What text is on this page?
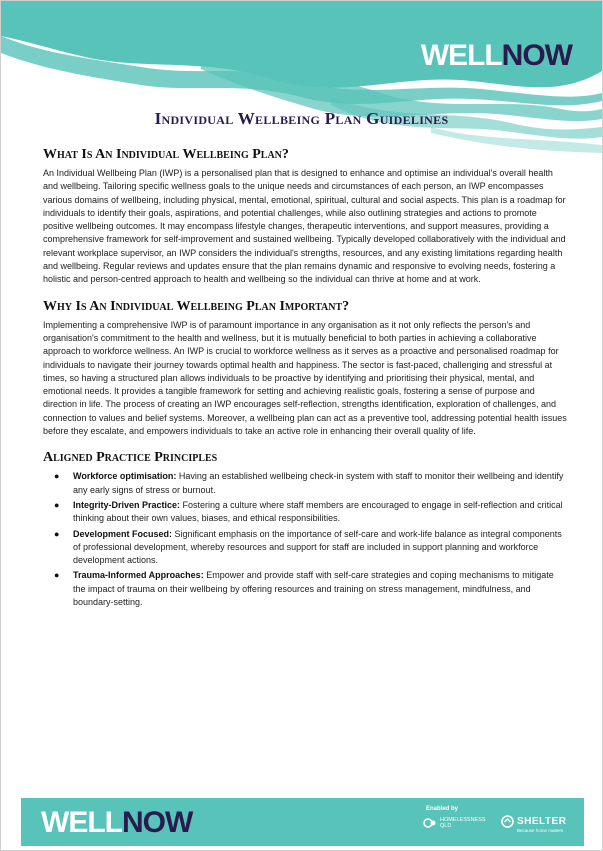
WELLNOW
Individual Wellbeing Plan Guidelines
What Is An Individual Wellbeing Plan?

An Individual Wellbeing Plan (IWP) is a personalised plan that is designed to enhance and optimise an individual's overall health and wellbeing. Tailoring specific wellness goals to the unique needs and circumstances of each person, an IWP encompasses various domains of wellbeing, including physical, mental, emotional, spiritual, cultural and social aspects. This plan is a roadmap for individuals to identify their goals, aspirations, and potential challenges, while also outlining strategies and actions to promote positive wellbeing outcomes. It may encompass lifestyle changes, therapeutic interventions, and support measures, providing a comprehensive framework for self-improvement and sustained wellbeing. Typically developed collaboratively with the individual and relevant workplace supervisor, an IWP considers the individual's strengths, resources, and any existing limitations regarding health and wellbeing. Regular reviews and updates ensure that the plan remains dynamic and responsive to evolving needs, fostering a holistic and person-centred approach to health and wellbeing so the individual can thrive at home and at work.

Why Is An Individual Wellbeing Plan Important?

Implementing a comprehensive IWP is of paramount importance in any organisation as it not only reflects the person's and organisation's commitment to the health and wellness, but it is mutually beneficial to both parties in achieving a collaborative approach to workforce wellness. An IWP is crucial to workforce wellness as it serves as a proactive and personalised roadmap for individuals to navigate their journey towards optimal health and happiness. The sector is fast-paced, challenging and stressful at times, so having a structured plan allows individuals to be proactive by identifying and prioritising their physical, mental, and emotional needs. It provides a tangible framework for setting and achieving realistic goals, fostering a sense of purpose and direction in life. The process of creating an IWP encourages self-reflection, strengths identification, exploration of challenges, and connection to values and belief systems. Moreover, a wellbeing plan can act as a preventive tool, addressing potential health issues before they escalate, and empowers individuals to take an active role in enhancing their overall quality of life.

Aligned Practice Principles
● Workforce optimisation: Having an established wellbeing check-in system with staff to monitor their wellbeing and identify any early signs of stress or burnout.
● Integrity-Driven Practice: Fostering a culture where staff members are encouraged to engage in self-reflection and critical thinking about their own values, biases, and ethical responsibilities.
● Development Focused: Significant emphasis on the importance of self-care and work-life balance as integral components of professional development, whereby resources and support for staff are included in support planning and workforce development actions.
● Trauma-Informed Approaches: Empower and provide staff with self-care strategies and coping mechanisms to mitigate the impact of trauma on their wellbeing by offering resources and training on stress management, mindfulness, and boundary-setting.
WELLNOW	Enabled by
HOMELESSNESS QLD	SHELTER
Because home matters
